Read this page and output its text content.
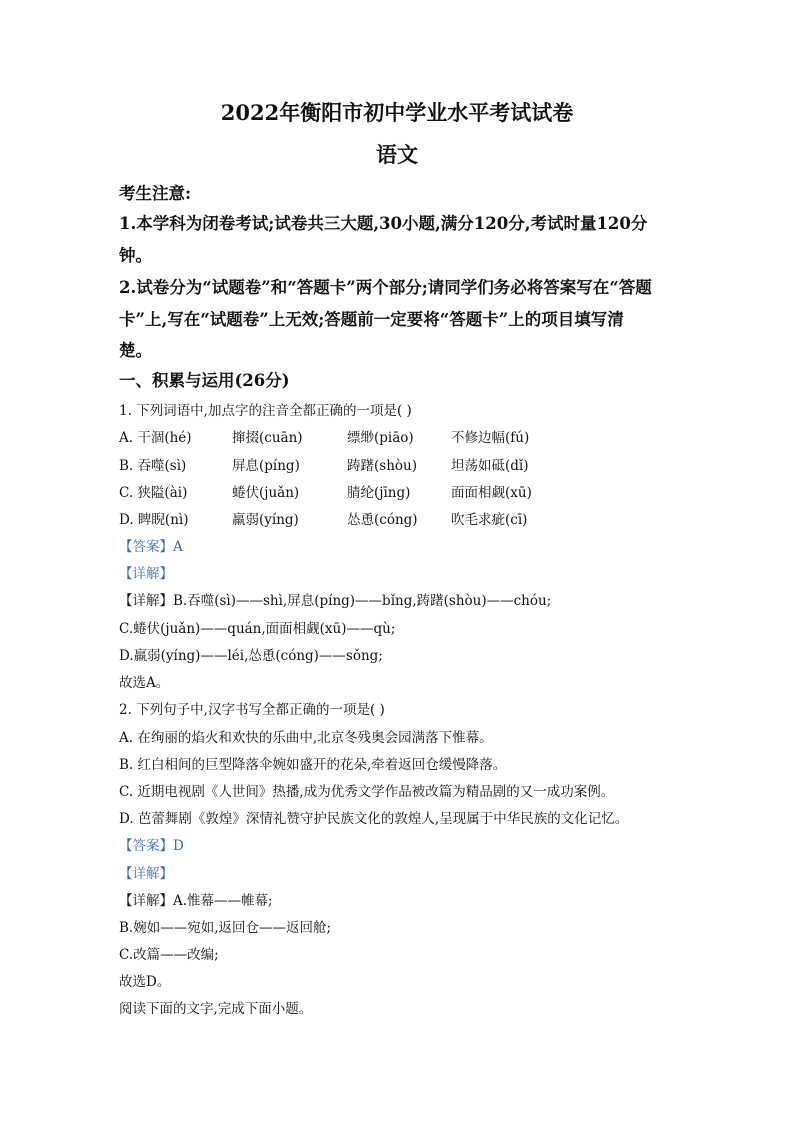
2022年衡阳市初中学业水平考试试卷
语文
考生注意:
1.本学科为闭卷考试;试卷共三大题,30小题,满分120分,考试时量120分
钟。
2.试卷分为“试题卷”和“答题卡”两个部分;请同学们务必将答案写在“答题
卡”上,写在“试题卷”上无效;答题前一定要将“答题卡”上的项目填写清
楚。
一、积累与运用(26分)
1. 下列词语中,加点字的注音全都正确的一项是( )
A. 干涸(hé)	撺掇(cuān)	缥缈(piāo)	不修边幅(fú)
B. 吞噬(sì)	屏息(píng)	踌躇(shòu)	坦荡如砥(dǐ)
C. 狭隘(ài)	蜷伏(juǎn)	腈纶(jīng)	面面相觑(xū)
D. 睥睨(nì)	羸弱(yíng)	怂恿(cóng) 吹毛求疵(cī)
【答案】A
【详解】
【详解】B.吞噬(sì)——shì,屏息(píng)——bǐng,踌躇(shòu)——chóu;
C.蜷伏(juǎn)——quán,面面相觑(xū)——qù;
D.羸弱(yíng)——léi,怂恿(cóng)——sǒng;
故选A。
2. 下列句子中,汉字书写全都正确的一项是( )
A. 在绚丽的焰火和欢快的乐曲中,北京冬残奥会园满落下惟幕。
B. 红白相间的巨型降落伞婉如盛开的花朵,牵着返回仓缓慢降落。
C. 近期电视剧《人世间》热播,成为优秀文学作品被改篇为精品剧的又一成功案例。
D. 芭蕾舞剧《敦煌》深情礼赞守护民族文化的敦煌人,呈现属于中华民族的文化记忆。
【答案】D
【详解】
【详解】A.惟幕——帷幕;
B.婉如——宛如,返回仓——返回舱;
C.改篇——改编;
故选D。
阅读下面的文字,完成下面小题。
